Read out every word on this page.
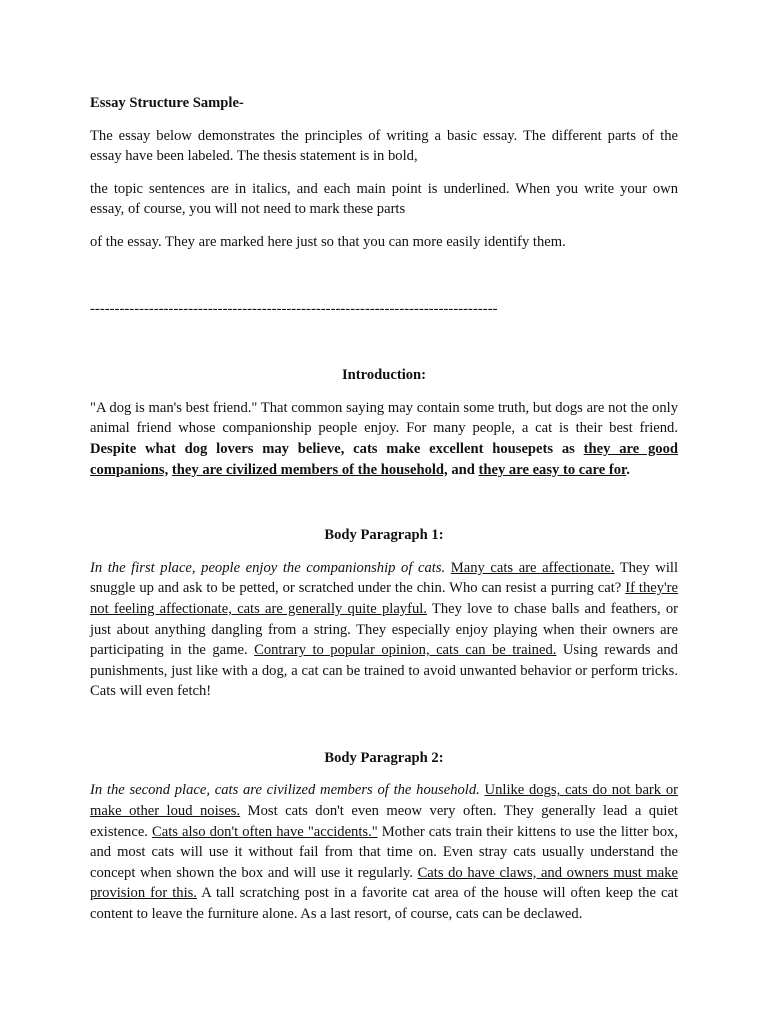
Essay Structure Sample-

The essay below demonstrates the principles of writing a basic essay. The different parts of the essay have been labeled. The thesis statement is in bold,

the topic sentences are in italics, and each main point is underlined. When you write your own essay, of course, you will not need to mark these parts

of the essay. They are marked here just so that you can more easily identify them.

-----------------------------------------------------------------------------------

Introduction:

"A dog is man's best friend." That common saying may contain some truth, but dogs are not the only animal friend whose companionship people enjoy. For many people, a cat is their best friend. Despite what dog lovers may believe, cats make excellent housepets as they are good companions, they are civilized members of the household, and they are easy to care for.

Body Paragraph 1:

In the first place, people enjoy the companionship of cats. Many cats are affectionate. They will snuggle up and ask to be petted, or scratched under the chin. Who can resist a purring cat? If they're not feeling affectionate, cats are generally quite playful. They love to chase balls and feathers, or just about anything dangling from a string. They especially enjoy playing when their owners are participating in the game. Contrary to popular opinion, cats can be trained. Using rewards and punishments, just like with a dog, a cat can be trained to avoid unwanted behavior or perform tricks. Cats will even fetch!

Body Paragraph 2:

In the second place, cats are civilized members of the household. Unlike dogs, cats do not bark or make other loud noises. Most cats don't even meow very often. They generally lead a quiet existence. Cats also don't often have "accidents." Mother cats train their kittens to use the litter box, and most cats will use it without fail from that time on. Even stray cats usually understand the concept when shown the box and will use it regularly. Cats do have claws, and owners must make provision for this. A tall scratching post in a favorite cat area of the house will often keep the cat content to leave the furniture alone. As a last resort, of course, cats can be declawed.
